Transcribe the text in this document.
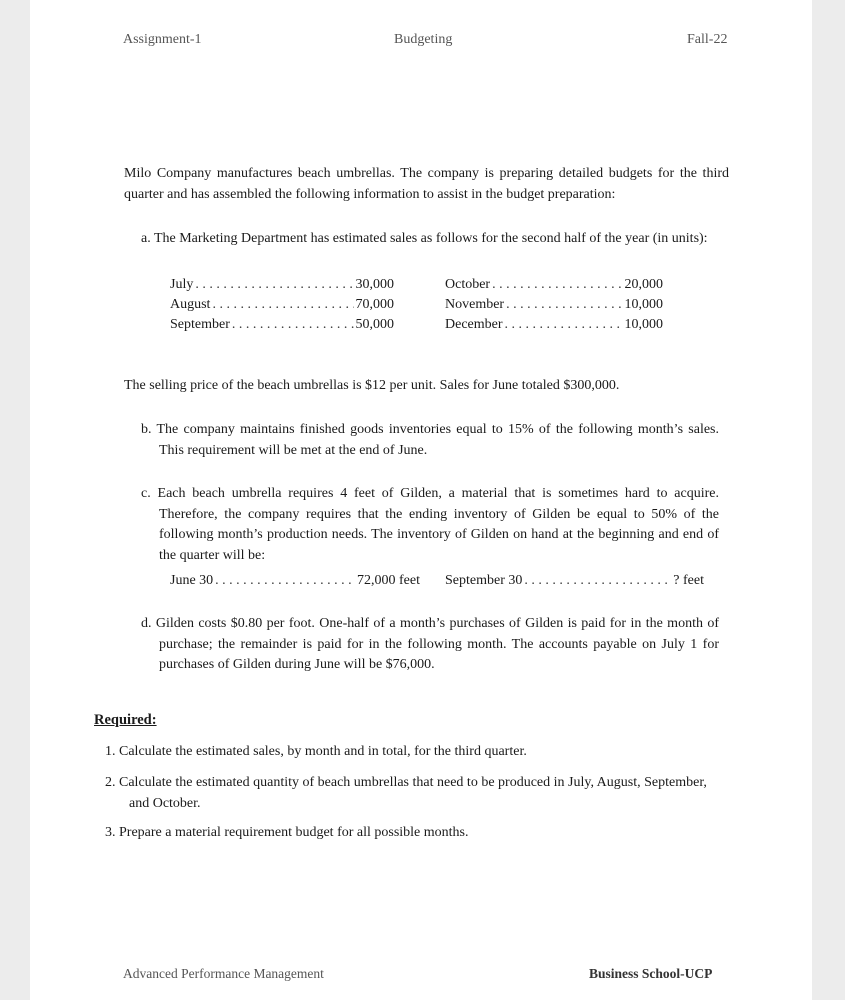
Assignment-1	Budgeting	Fall-22
Milo Company manufactures beach umbrellas. The company is preparing detailed budgets for the third quarter and has assembled the following information to assist in the budget preparation:
a. The Marketing Department has estimated sales as follows for the second half of the year (in units):
July . . .	30,000
August . . .	70,000
September . . .	50,000
October . . .	20,000
November . . .	10,000
December . . .	10,000
The selling price of the beach umbrellas is $12 per unit. Sales for June totaled $300,000.
b. The company maintains finished goods inventories equal to 15% of the following month’s sales. This requirement will be met at the end of June.
c. Each beach umbrella requires 4 feet of Gilden, a material that is sometimes hard to acquire. Therefore, the company requires that the ending inventory of Gilden be equal to 50% of the following month’s production needs. The inventory of Gilden on hand at the beginning and end of the quarter will be:
June 30 . . .	72,000 feet September 30 . . .	? feet
d. Gilden costs $0.80 per foot. One-half of a month’s purchases of Gilden is paid for in the month of purchase; the remainder is paid for in the following month. The accounts payable on July 1 for purchases of Gilden during June will be $76,000.
Required:
1. Calculate the estimated sales, by month and in total, for the third quarter.
2. Calculate the estimated quantity of beach umbrellas that need to be produced in July, August, September, and October.
3. Prepare a material requirement budget for all possible months.
Advanced Performance Management	Business School-UCP
